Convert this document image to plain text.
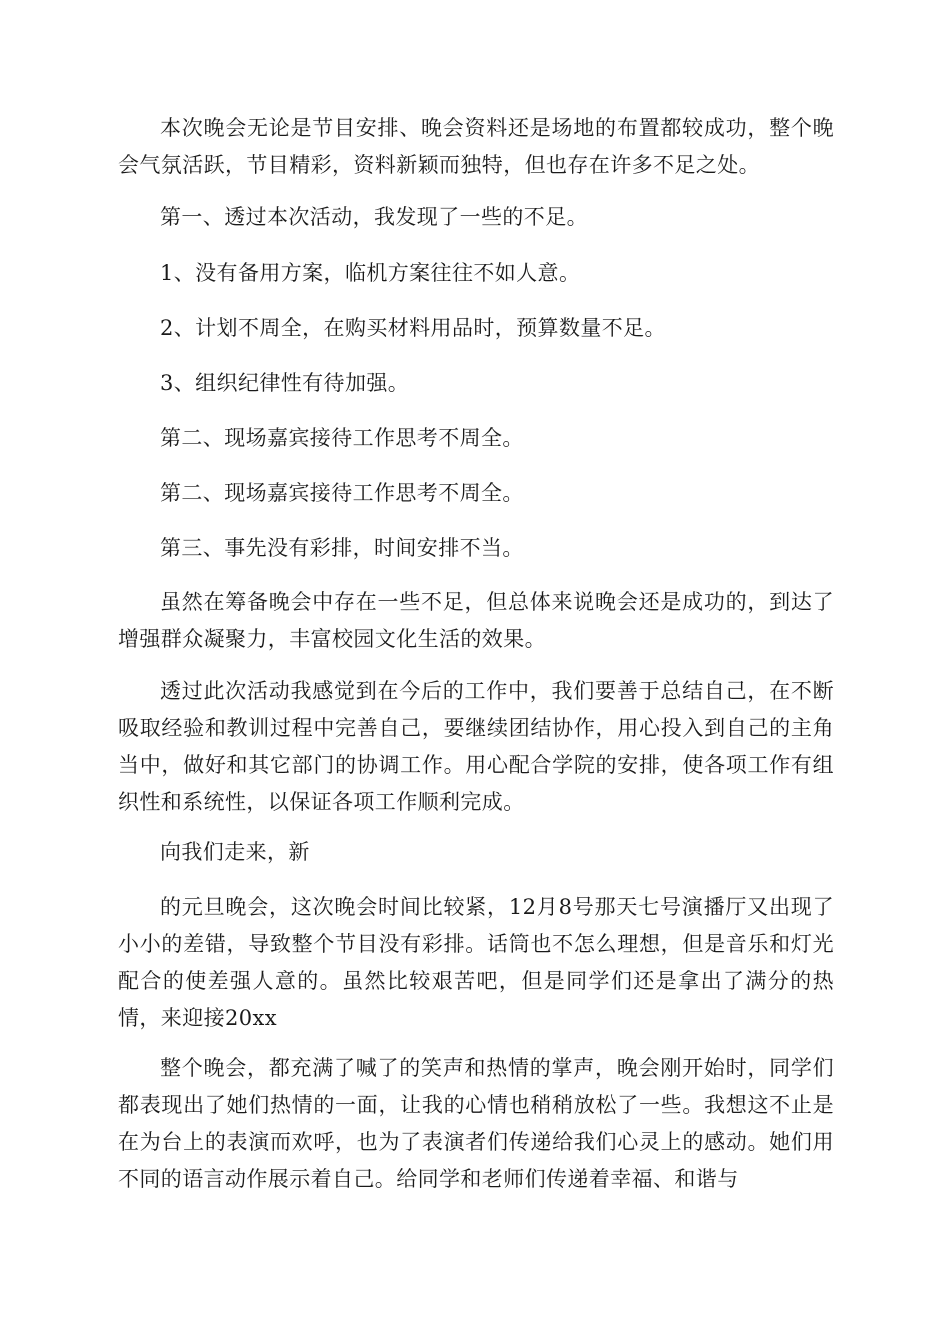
本次晚会无论是节目安排、晚会资料还是场地的布置都较成功，整个晚会气氛活跃，节目精彩，资料新颖而独特，但也存在许多不足之处。

第一、透过本次活动，我发现了一些的不足。

1、没有备用方案，临机方案往往不如人意。

2、计划不周全，在购买材料用品时，预算数量不足。

3、组织纪律性有待加强。

第二、现场嘉宾接待工作思考不周全。

第二、现场嘉宾接待工作思考不周全。

第三、事先没有彩排，时间安排不当。

虽然在筹备晚会中存在一些不足，但总体来说晚会还是成功的，到达了增强群众凝聚力，丰富校园文化生活的效果。

透过此次活动我感觉到在今后的工作中，我们要善于总结自己，在不断吸取经验和教训过程中完善自己，要继续团结协作，用心投入到自己的主角当中，做好和其它部门的协调工作。用心配合学院的安排，使各项工作有组织性和系统性，以保证各项工作顺利完成。

向我们走来，新

的元旦晚会，这次晚会时间比较紧，12月8号那天七号演播厅又出现了小小的差错，导致整个节目没有彩排。话筒也不怎么理想，但是音乐和灯光配合的使差强人意的。虽然比较艰苦吧，但是同学们还是拿出了满分的热情，来迎接20xx

整个晚会，都充满了喊了的笑声和热情的掌声，晚会刚开始时，同学们都表现出了她们热情的一面，让我的心情也稍稍放松了一些。我想这不止是在为台上的表演而欢呼，也为了表演者们传递给我们心灵上的感动。她们用不同的语言动作展示着自己。给同学和老师们传递着幸福、和谐与
